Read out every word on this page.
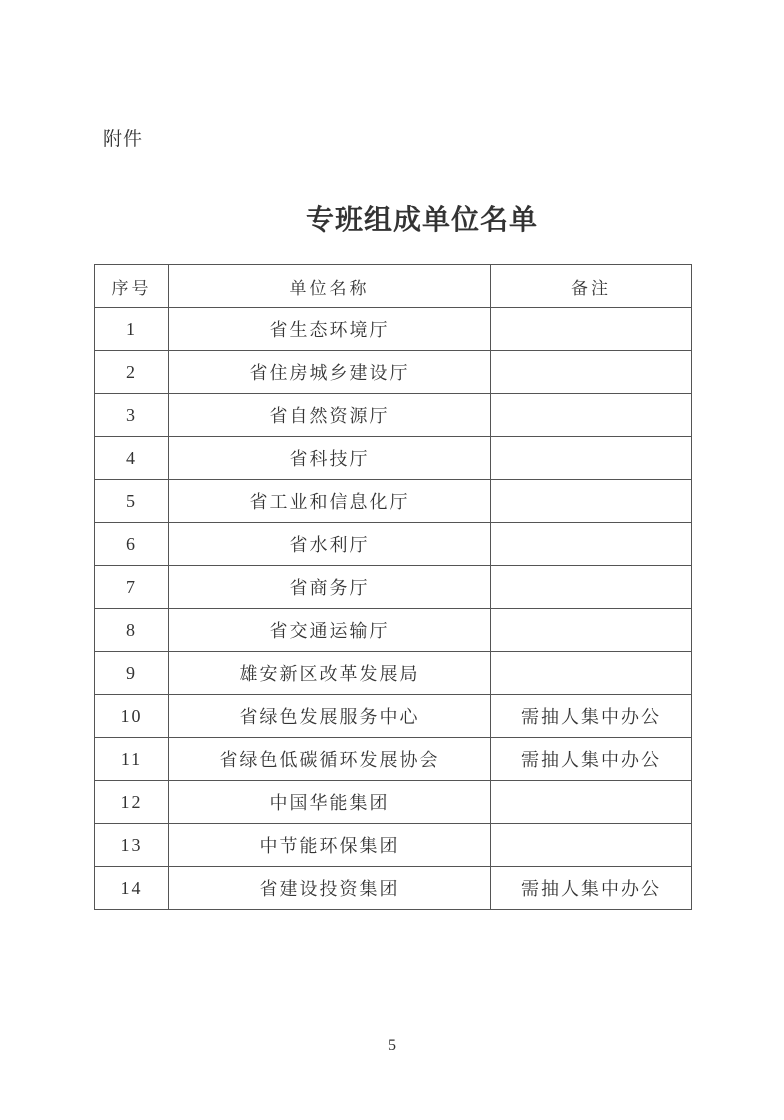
附件
专班组成单位名单
序号	单位名称	备注
1	省生态环境厅	
2	省住房城乡建设厅	
3	省自然资源厅	
4	省科技厅	
5	省工业和信息化厅	
6	省水利厅	
7	省商务厅	
8	省交通运输厅	
9	雄安新区改革发展局	
10	省绿色发展服务中心	需抽人集中办公
11	省绿色低碳循环发展协会	需抽人集中办公
12	中国华能集团	
13	中节能环保集团	
14	省建设投资集团	需抽人集中办公
5
